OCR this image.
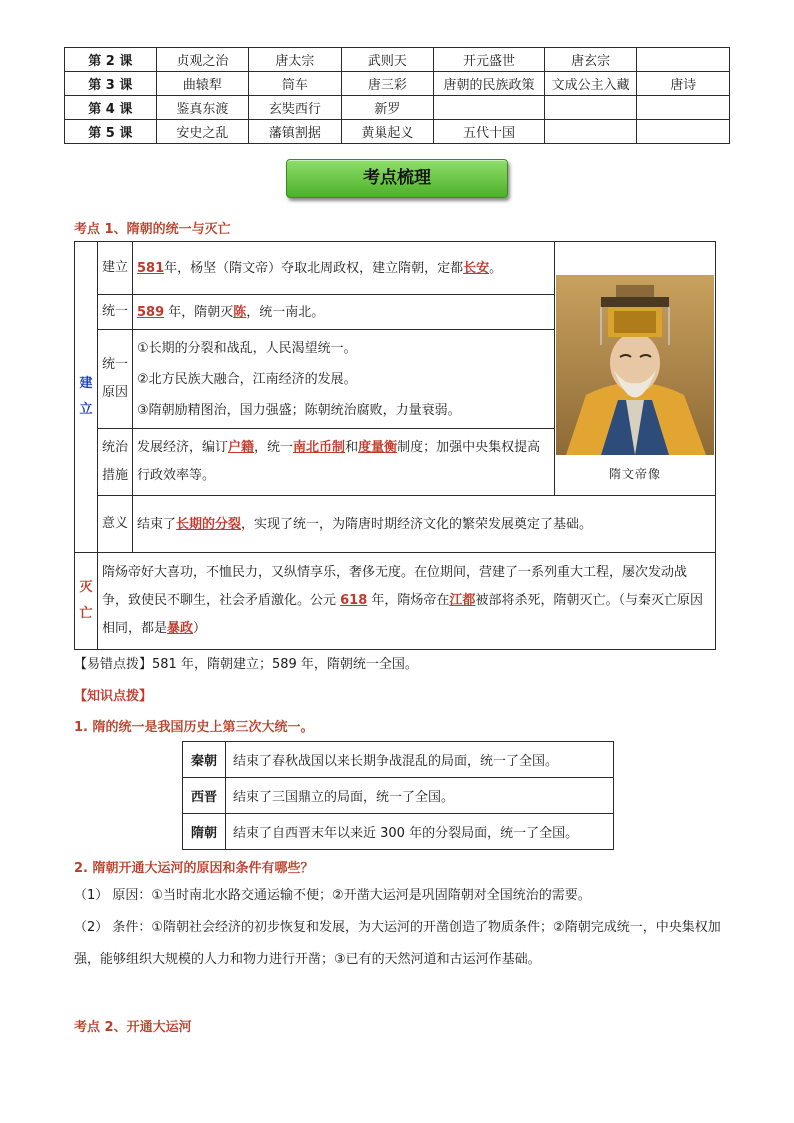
第 2 课	贞观之治	唐太宗	武则天	开元盛世	唐玄宗	
第 3 课	曲辕犁	筒车	唐三彩	唐朝的民族政策	文成公主入藏	唐诗
第 4 课	鉴真东渡	玄奘西行	新罗			
第 5 课	安史之乱	藩镇割据	黄巢起义	五代十国		
考点梳理
考点 1、隋朝的统一与灭亡
建 立	建立	581年，杨坚（隋文帝）夺取北周政权，建立隋朝，定都长安。	隋文帝像

	统一	589 年，隋朝灭陈，统一南北。	
	统一原因	①长期的分裂和战乱，人民渴望统一。
②北方民族大融合，江南经济的发展。
③隋朝励精图治，国力强盛；陈朝统治腐败，力量衰弱。	

	统治措施	发展经济，编订户籍，统一南北币制和度量衡制度；加强中央集权提高行政效率等。	
	意义	结束了长期的分裂，实现了统一，为隋唐时期经济文化的繁荣发展奠定了基础。	
灭 亡	隋炀帝好大喜功，不恤民力，又纵情享乐，奢侈无度。在位期间，营建了一系列重大工程，屡次发动战争，致使民不聊生，社会矛盾激化。公元 618 年，隋炀帝在江都被部将杀死，隋朝灭亡。（与秦灭亡原因相同，都是暴政）		
【易错点拨】581 年，隋朝建立；589 年，隋朝统一全国。
【知识点拨】
1. 隋的统一是我国历史上第三次大统一。
秦朝	结束了春秋战国以来长期争战混乱的局面，统一了全国。
西晋	结束了三国鼎立的局面，统一了全国。
隋朝	结束了自西晋末年以来近 300 年的分裂局面，统一了全国。
2. 隋朝开通大运河的原因和条件有哪些？
（1） 原因：①当时南北水路交通运输不便；②开凿大运河是巩固隋朝对全国统治的需要。
（2） 条件：①隋朝社会经济的初步恢复和发展，为大运河的开凿创造了物质条件；②隋朝完成统一，中央集权加强，能够组织大规模的人力和物力进行开凿；③已有的天然河道和古运河作基础。
考点 2、开通大运河
